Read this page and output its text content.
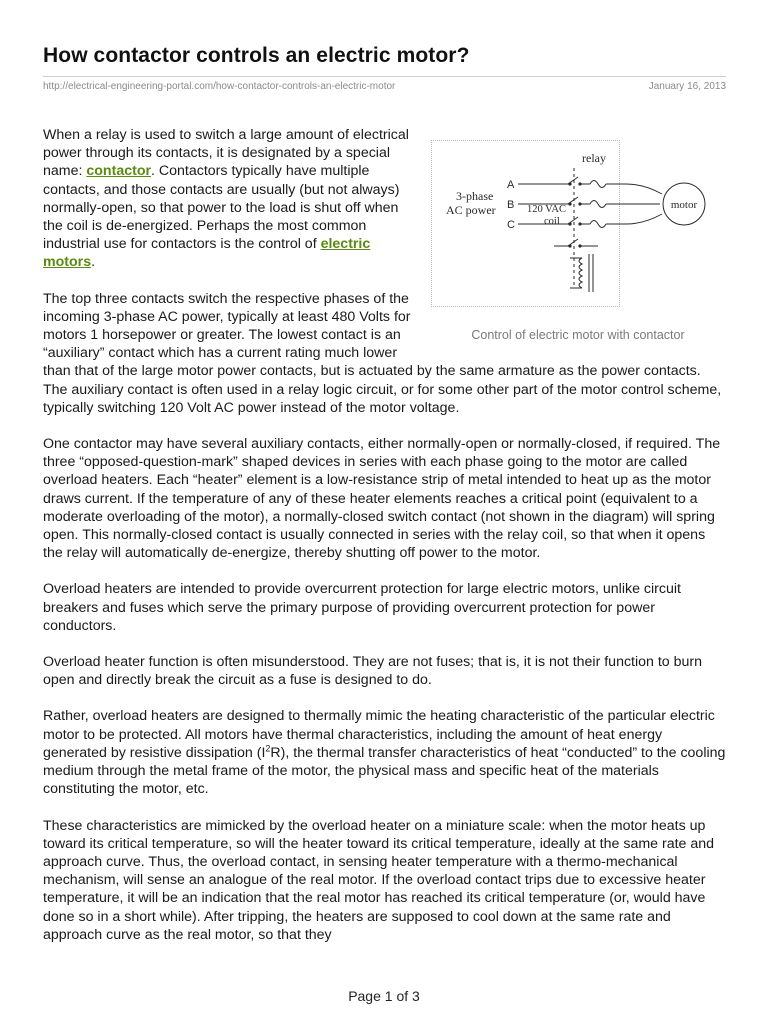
How contactor controls an electric motor?
http://electrical-engineering-portal.com/how-contactor-controls-an-electric-motor	January 16, 2013
relay
3-phase
AC power	120 VAC
coil
A
B
C
motor
Control of electric motor with contactor

When a relay is used to switch a large amount of electrical power through its contacts, it is designated by a special name: contactor. Contactors typically have multiple contacts, and those contacts are usually (but not always) normally-open, so that power to the load is shut off when the coil is de-energized. Perhaps the most common industrial use for contactors is the control of electric motors.

The top three contacts switch the respective phases of the incoming 3-phase AC power, typically at least 480 Volts for motors 1 horsepower or greater. The lowest contact is an “auxiliary” contact which has a current rating much lower than that of the large motor power contacts, but is actuated by the same armature as the power contacts. The auxiliary contact is often used in a relay logic circuit, or for some other part of the motor control scheme, typically switching 120 Volt AC power instead of the motor voltage.

One contactor may have several auxiliary contacts, either normally-open or normally-closed, if required. The three “opposed-question-mark” shaped devices in series with each phase going to the motor are called overload heaters. Each “heater” element is a low-resistance strip of metal intended to heat up as the motor draws current. If the temperature of any of these heater elements reaches a critical point (equivalent to a moderate overloading of the motor), a normally-closed switch contact (not shown in the diagram) will spring open. This normally-closed contact is usually connected in series with the relay coil, so that when it opens the relay will automatically de-energize, thereby shutting off power to the motor.

Overload heaters are intended to provide overcurrent protection for large electric motors, unlike circuit breakers and fuses which serve the primary purpose of providing overcurrent protection for power conductors.

Overload heater function is often misunderstood. They are not fuses; that is, it is not their function to burn open and directly break the circuit as a fuse is designed to do.

Rather, overload heaters are designed to thermally mimic the heating characteristic of the particular electric motor to be protected. All motors have thermal characteristics, including the amount of heat energy generated by resistive dissipation $(I^2R)$, the thermal transfer characteristics of heat “conducted” to the cooling medium through the metal frame of the motor, the physical mass and specific heat of the materials constituting the motor, etc.

These characteristics are mimicked by the overload heater on a miniature scale: when the motor heats up toward its critical temperature, so will the heater toward its critical temperature, ideally at the same rate and approach curve. Thus, the overload contact, in sensing heater temperature with a thermo-mechanical mechanism, will sense an analogue of the real motor. If the overload contact trips due to excessive heater temperature, it will be an indication that the real motor has reached its critical temperature (or, would have done so in a short while). After tripping, the heaters are supposed to cool down at the same rate and approach curve as the real motor, so that they

Page 1 of 3
